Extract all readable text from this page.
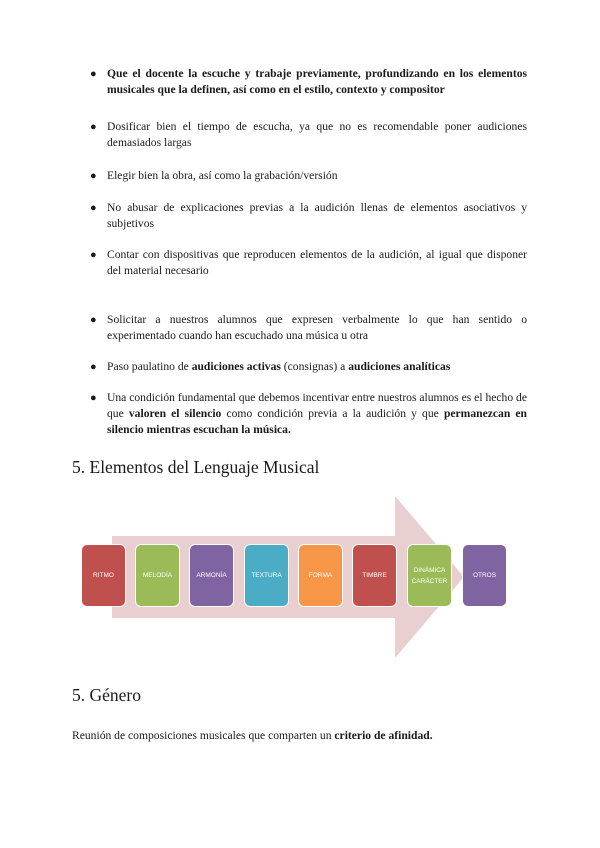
● Que el docente la escuche y trabaje previamente, profundizando en los elementos musicales que la definen, así como en el estilo, contexto y compositor
● Dosificar bien el tiempo de escucha, ya que no es recomendable poner audiciones demasiados largas
● Elegir bien la obra, así como la grabación/versión
● No abusar de explicaciones previas a la audición llenas de elementos asociativos y subjetivos
● Contar con dispositivas que reproducen elementos de la audición, al igual que disponer del material necesario
● Solicitar a nuestros alumnos que expresen verbalmente lo que han sentido o experimentado cuando han escuchado una música u otra
● Paso paulatino de audiciones activas (consignas) a audiciones analíticas
● Una condición fundamental que debemos incentivar entre nuestros alumnos es el hecho de que valoren el silencio como condición previa a la audición y que permanezcan en silencio mientras escuchan la música.
5. Elementos del Lenguaje Musical
RITMO	MELODÍA	ARMONÍA	TEXTURA	FORMA	TIMBRE
DINÁMICA CARÁCTER
OTROS
5. Género

Reunión de composiciones musicales que comparten un criterio de afinidad.
